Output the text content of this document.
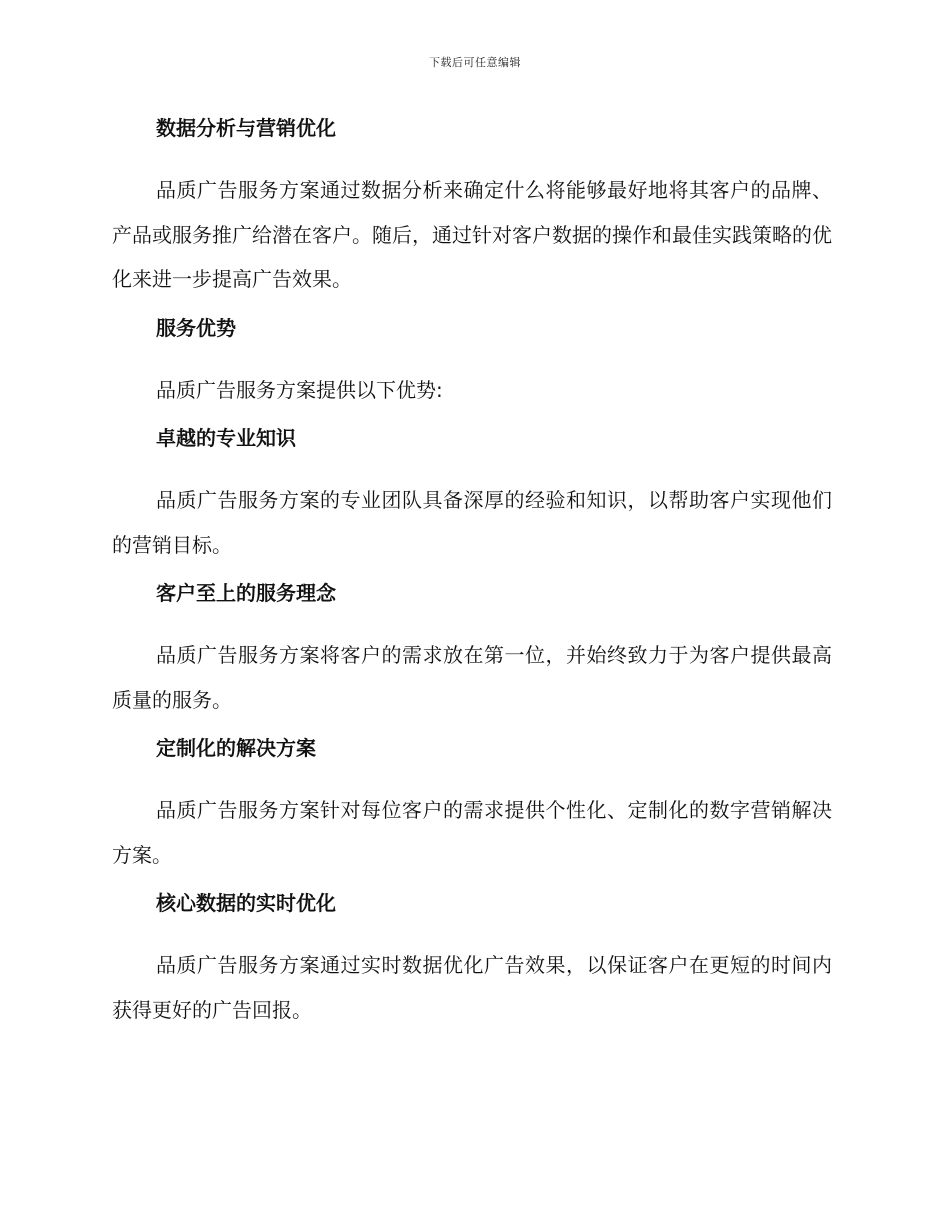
下载后可任意编辑
数据分析与营销优化

品质广告服务方案通过数据分析来确定什么将能够最好地将其客户的品牌、产品或服务推广给潜在客户。随后，通过针对客户数据的操作和最佳实践策略的优化来进一步提高广告效果。

服务优势

品质广告服务方案提供以下优势:

卓越的专业知识

品质广告服务方案的专业团队具备深厚的经验和知识，以帮助客户实现他们的营销目标。

客户至上的服务理念

品质广告服务方案将客户的需求放在第一位，并始终致力于为客户提供最高质量的服务。

定制化的解决方案

品质广告服务方案针对每位客户的需求提供个性化、定制化的数字营销解决方案。

核心数据的实时优化

品质广告服务方案通过实时数据优化广告效果，以保证客户在更短的时间内获得更好的广告回报。
